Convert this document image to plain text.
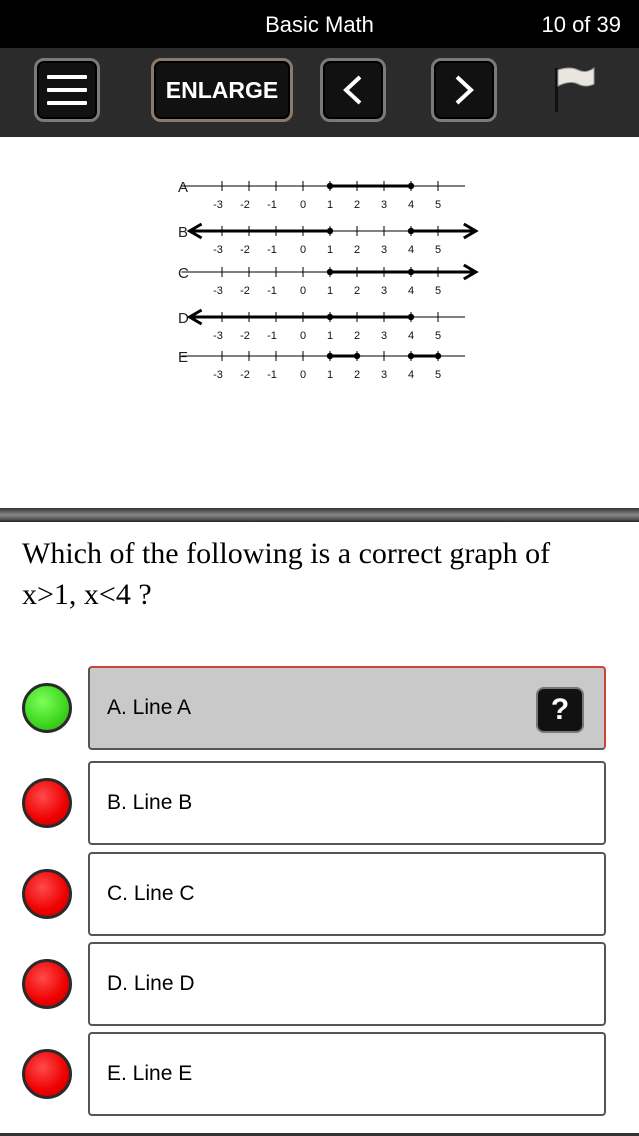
Basic Math	10 of 39
ENLARGE
A
-3 -2 -1 0 1 2 3 4 5
B
-3 -2 -1 0 1 2 3 4 5
C
-3 -2 -1 0 1 2 3 4 5
D
-3 -2 -1 0 1 2 3 4 5
E
-3 -2 -1 0 1 2 3 4 5
Which of the following is a correct graph of
x>1, x<4 ?
A. Line A	?
B. Line B
C. Line C
D. Line D
E. Line E
